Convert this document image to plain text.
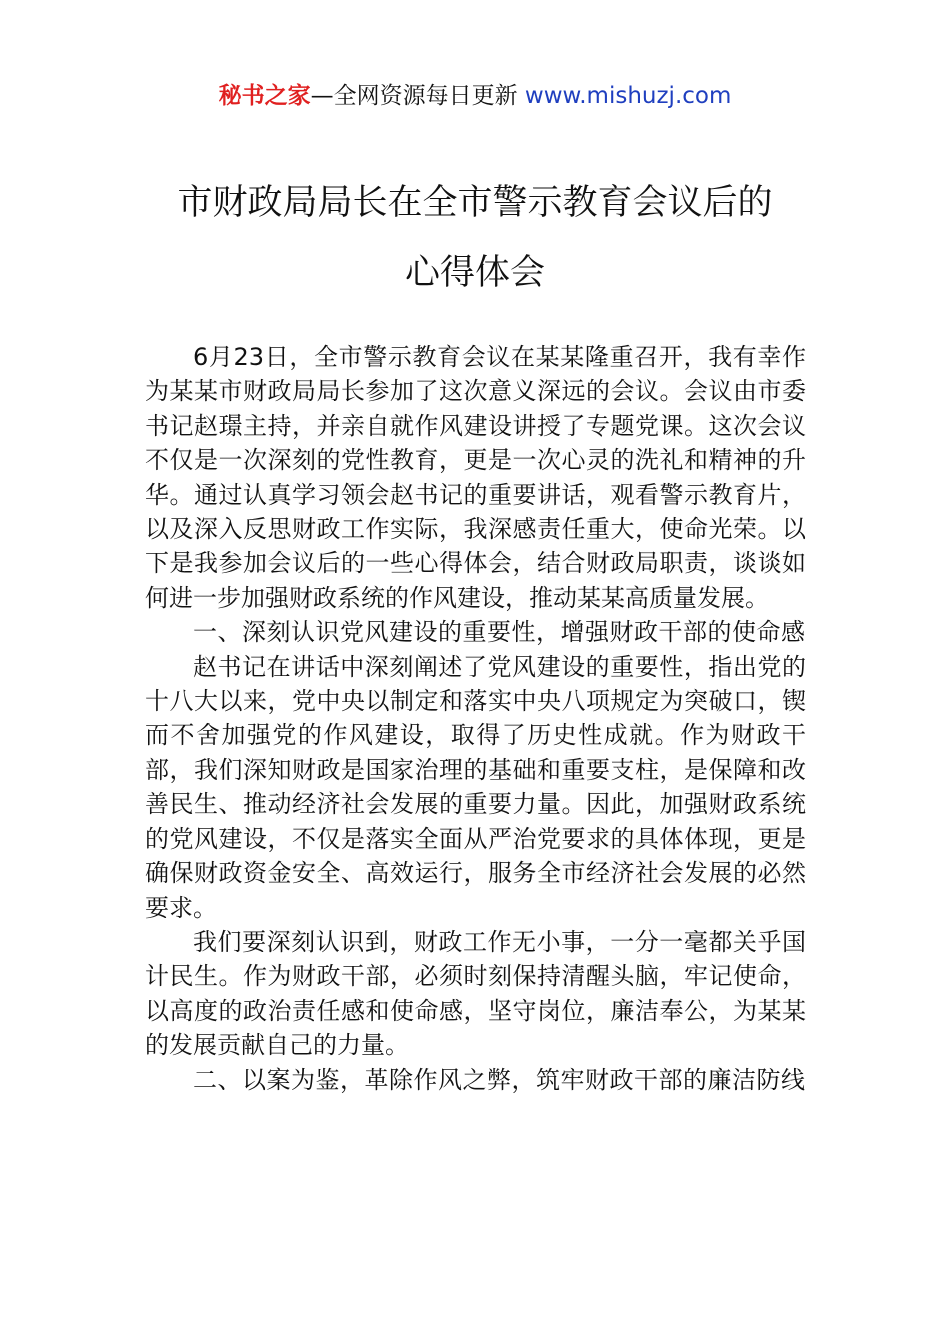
秘书之家—全网资源每日更新 www.mishuzj.com
市财政局局长在全市警示教育会议后的
心得体会

6月23日，全市警示教育会议在某某隆重召开，我有幸作为某某市财政局局长参加了这次意义深远的会议。会议由市委书记赵璟主持，并亲自就作风建设讲授了专题党课。这次会议不仅是一次深刻的党性教育，更是一次心灵的洗礼和精神的升华。通过认真学习领会赵书记的重要讲话，观看警示教育片，以及深入反思财政工作实际，我深感责任重大，使命光荣。以下是我参加会议后的一些心得体会，结合财政局职责，谈谈如何进一步加强财政系统的作风建设，推动某某高质量发展。

一、深刻认识党风建设的重要性，增强财政干部的使命感

赵书记在讲话中深刻阐述了党风建设的重要性，指出党的十八大以来，党中央以制定和落实中央八项规定为突破口，锲而不舍加强党的作风建设，取得了历史性成就。作为财政干部，我们深知财政是国家治理的基础和重要支柱，是保障和改善民生、推动经济社会发展的重要力量。因此，加强财政系统的党风建设，不仅是落实全面从严治党要求的具体体现，更是确保财政资金安全、高效运行，服务全市经济社会发展的必然要求。

我们要深刻认识到，财政工作无小事，一分一毫都关乎国计民生。作为财政干部，必须时刻保持清醒头脑，牢记使命，以高度的政治责任感和使命感，坚守岗位，廉洁奉公，为某某的发展贡献自己的力量。

二、以案为鉴，革除作风之弊，筑牢财政干部的廉洁防线
